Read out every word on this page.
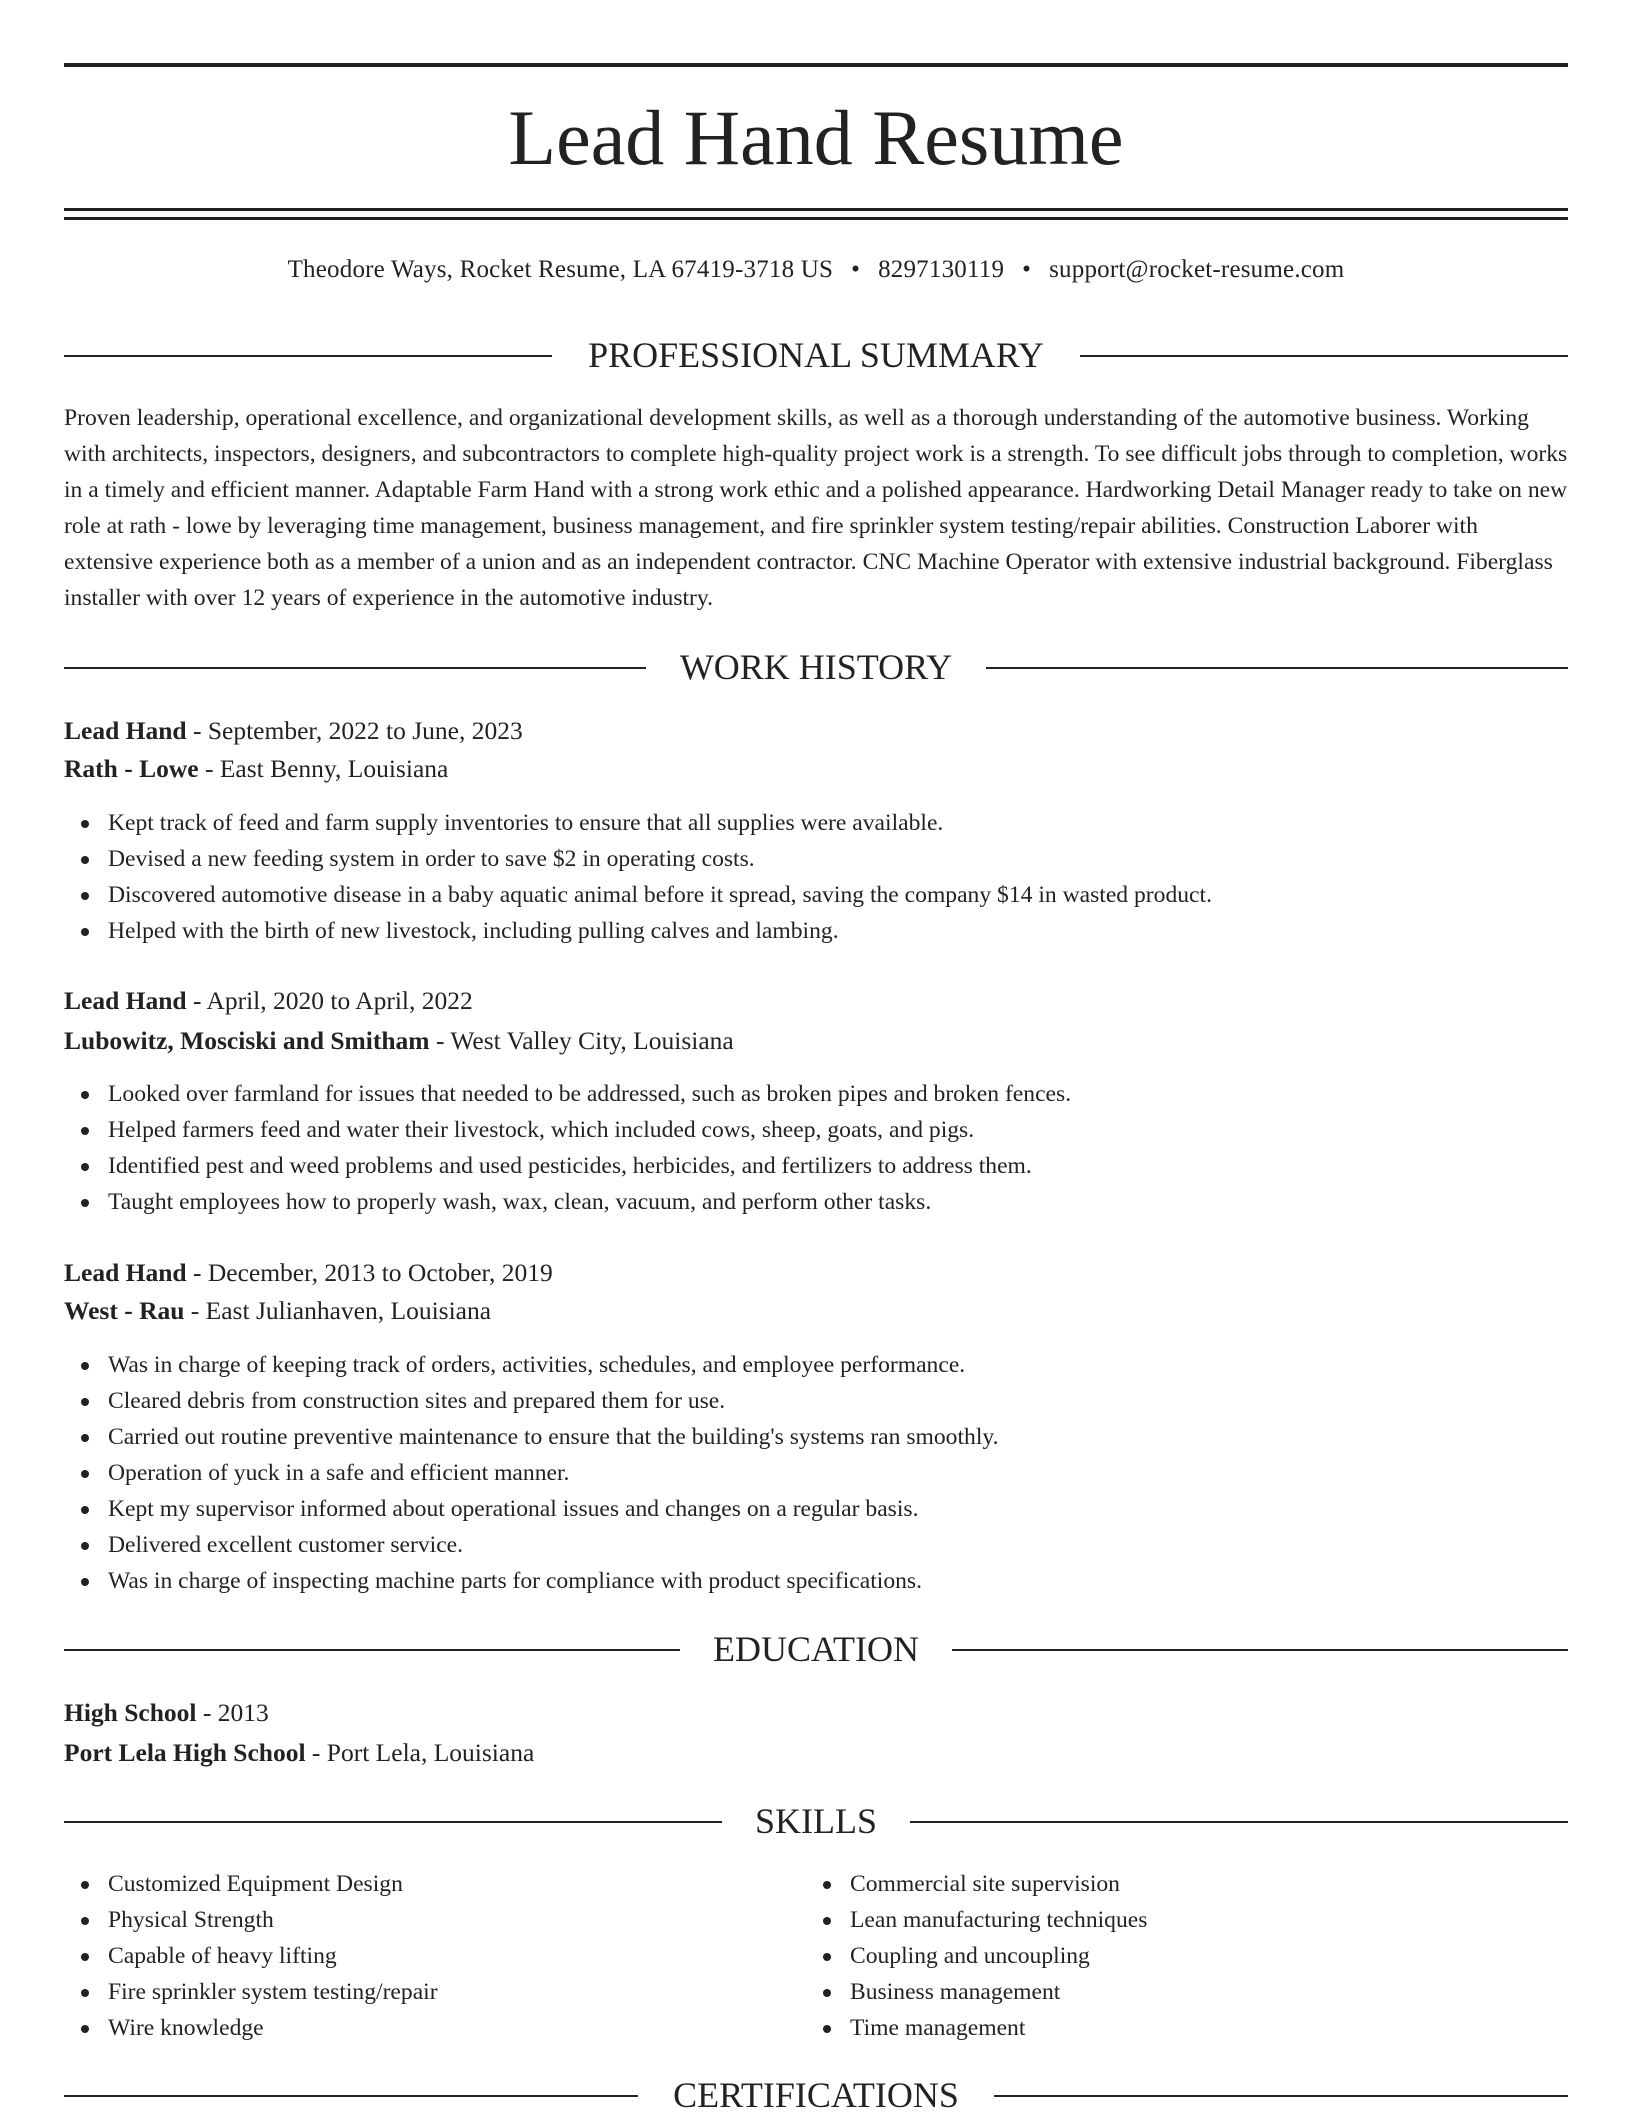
Lead Hand Resume
Theodore Ways, Rocket Resume, LA 67419-3718 US • 8297130119 • support@rocket-resume.com
PROFESSIONAL SUMMARY

Proven leadership, operational excellence, and organizational development skills, as well as a thorough understanding of the automotive business. Working with architects, inspectors, designers, and subcontractors to complete high-quality project work is a strength. To see difficult jobs through to completion, works in a timely and efficient manner. Adaptable Farm Hand with a strong work ethic and a polished appearance. Hardworking Detail Manager ready to take on new role at rath - lowe by leveraging time management, business management, and fire sprinkler system testing/repair abilities. Construction Laborer with extensive experience both as a member of a union and as an independent contractor. CNC Machine Operator with extensive industrial background. Fiberglass installer with over 12 years of experience in the automotive industry.

WORK HISTORY
Lead Hand - September, 2022 to June, 2023
Rath - Lowe - East Benny, Louisiana
Kept track of feed and farm supply inventories to ensure that all supplies were available.
Devised a new feeding system in order to save $2 in operating costs.
Discovered automotive disease in a baby aquatic animal before it spread, saving the company $14 in wasted product.
Helped with the birth of new livestock, including pulling calves and lambing.
Lead Hand - April, 2020 to April, 2022
Lubowitz, Mosciski and Smitham - West Valley City, Louisiana
Looked over farmland for issues that needed to be addressed, such as broken pipes and broken fences.
Helped farmers feed and water their livestock, which included cows, sheep, goats, and pigs.
Identified pest and weed problems and used pesticides, herbicides, and fertilizers to address them.
Taught employees how to properly wash, wax, clean, vacuum, and perform other tasks.
Lead Hand - December, 2013 to October, 2019
West - Rau - East Julianhaven, Louisiana
Was in charge of keeping track of orders, activities, schedules, and employee performance.
Cleared debris from construction sites and prepared them for use.
Carried out routine preventive maintenance to ensure that the building's systems ran smoothly.
Operation of yuck in a safe and efficient manner.
Kept my supervisor informed about operational issues and changes on a regular basis.
Delivered excellent customer service.
Was in charge of inspecting machine parts for compliance with product specifications.
EDUCATION
High School - 2013
Port Lela High School - Port Lela, Louisiana
SKILLS
Customized Equipment Design
Physical Strength
Capable of heavy lifting
Fire sprinkler system testing/repair
Wire knowledge
Commercial site supervision
Lean manufacturing techniques
Coupling and uncoupling
Business management
Time management
CERTIFICATIONS
